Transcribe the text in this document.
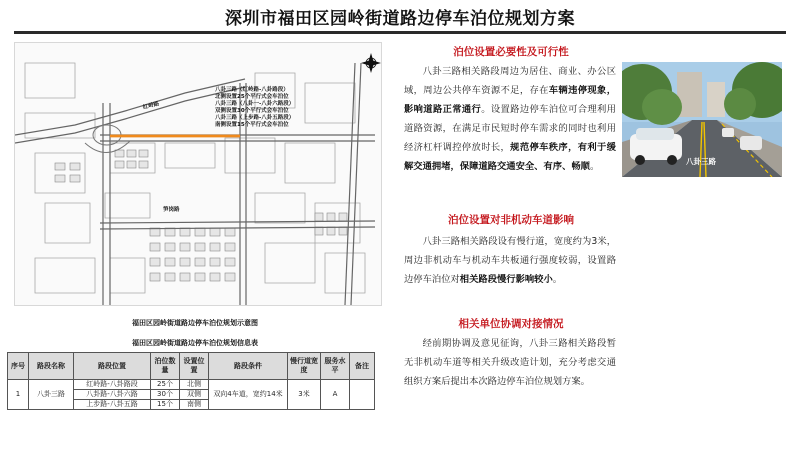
深圳市福田区园岭街道路边停车泊位规划方案
红岭路
笋岗路
八卦三路（红岭路-八卦路段）
北侧设置25个平行式会车泊位
八卦三路（八卦一-八卦六路段）
双侧设置30个平行式会车泊位
八卦三路（上步路-八卦五路段）
南侧设置15个平行式会车泊位
福田区园岭街道路边停车泊位规划示意图
福田区园岭街道路边停车泊位规划信息表
序号	路段名称	路段位置	泊位数量	设置位置	路段条件	慢行道宽度	服务水平	备注
1	八卦三路	红岭路-八卦路段	25个	北侧	双向4车道，宽约14米	3米	A	
		八卦路-八卦六路	30个	双侧				
		上步路-八卦五路	15个	南侧				
泊位设置必要性及可行性
八卦三路相关路段周边为居住、商业、办公区域，周边公共停车资源不足，存在车辆违停现象，影响道路正常通行。设置路边停车泊位可合理利用道路资源，在满足市民短时停车需求的同时也利用经济杠杆调控停放时长，规范停车秩序，有利于缓解交通拥堵，保障道路交通安全、有序、畅顺。
泊位设置对非机动车道影响
八卦三路相关路段设有慢行道，宽度约为3米，周边非机动车与机动车共板通行强度较弱，设置路边停车泊位对相关路段慢行影响较小。
相关单位协调对接情况
经前期协调及意见征询，八卦三路相关路段暂无非机动车道等相关升级改造计划，充分考虑交通组织方案后提出本次路边停车泊位规划方案。
八卦三路
